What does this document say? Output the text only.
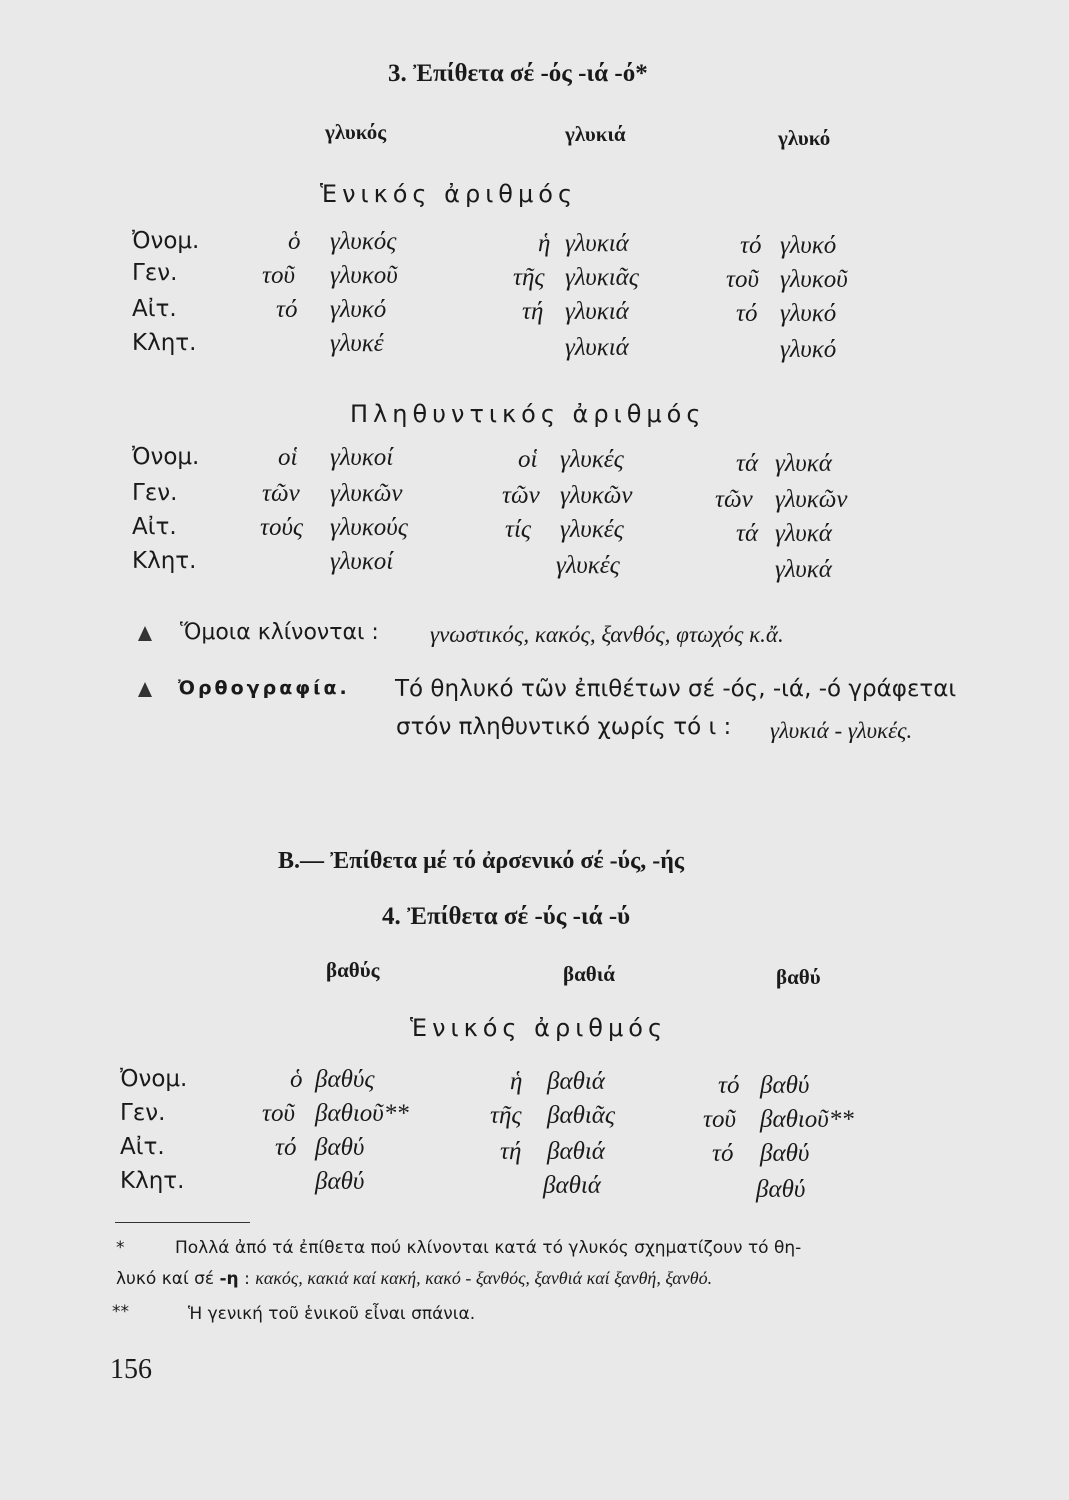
3. Ἐπίθετα σέ -ός -ιά -ό*
γλυκός	γλυκιά	γλυκό
Ἑνικός ἀριθμός
Ὀνομ.	ὁ γλυκός	ἡ γλυκιά	τό γλυκό
Γεν.	τοῦ γλυκοῦ	τῆς γλυκιᾶς	τοῦ γλυκοῦ
Αἰτ.	τό γλυκό	τή γλυκιά	τό γλυκό
Κλητ.	γλυκέ	γλυκιά	γλυκό
Πληθυντικός ἀριθμός
Ὀνομ.	οἱ γλυκοί	οἱ γλυκές	τά γλυκά
Γεν.	τῶν γλυκῶν	τῶν γλυκῶν	τῶν γλυκῶν
Αἰτ.	τούς γλυκούς	τίς γλυκές	τά γλυκά
Κλητ.	γλυκοί	γλυκές	γλυκά
Ὅμοια κλίνονται : γνωστικός, κακός, ξανθός, φτωχός κ.ἄ.
Ὀρθογραφία. Τό θηλυκό τῶν ἐπιθέτων σέ -ός, -ιά, -ό γράφεται
στόν πληθυντικό χωρίς τό ι : γλυκιά - γλυκές.
Β.— Ἐπίθετα μέ τό ἀρσενικό σέ -ύς, -ής
4. Ἐπίθετα σέ -ύς -ιά -ύ
βαθύς	βαθιά	βαθύ
Ἑνικός ἀριθμός
Ὀνομ.	ὁ βαθύς	ἡ βαθιά	τό βαθύ
Γεν.	τοῦ βαθιοῦ**	τῆς βαθιᾶς	τοῦ βαθιοῦ**
Αἰτ.	τό βαθύ	τή βαθιά	τό βαθύ
Κλητ.	βαθύ	βαθιά	βαθύ
*	Πολλά ἀπό τά ἐπίθετα πού κλίνονται κατά τό γλυκός σχηματίζουν τό θη-
λυκό καί σέ -η : κακός, κακιά καί κακή, κακό - ξανθός, ξανθιά καί ξανθή, ξανθό.
**	Ἡ γενική τοῦ ἑνικοῦ εἶναι σπάνια.
156
